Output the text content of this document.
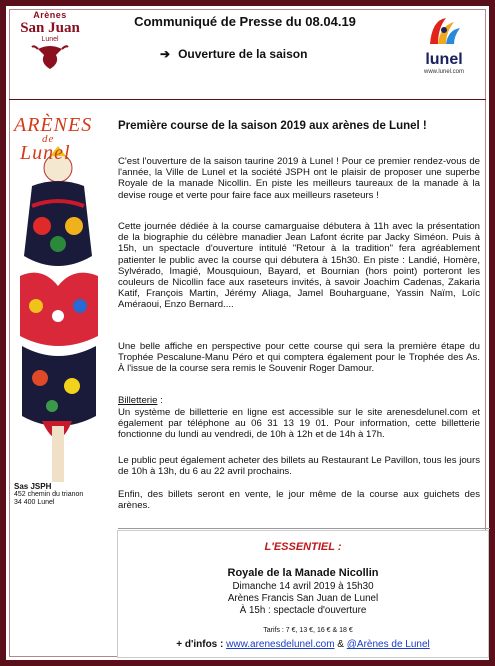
Arènes
San Juan
Lunel
Communiqué de Presse du 08.04.19
➔ Ouverture de la saison	lunel
www.lunel.com
ARÈNES
de
Lunel
Sas JSPH
452 chemin du trianon
34 400 Lunel
Première course de la saison 2019 aux arènes de Lunel !
C'est l'ouverture de la saison taurine 2019 à Lunel ! Pour ce premier rendez-vous de l'année, la Ville de Lunel et la société JSPH ont le plaisir de proposer une superbe Royale de la manade Nicollin. En piste les meilleurs taureaux de la manade à la devise rouge et verte pour faire face aux meilleurs raseteurs !
Cette journée dédiée à la course camarguaise débutera à 11h avec la présentation de la biographie du célèbre manadier Jean Lafont écrite par Jacky Siméon. Puis à 15h, un spectacle d'ouverture intitulé "Retour à la tradition" fera agréablement patienter le public avec la course qui débutera à 15h30. En piste : Landié, Homère, Sylvérado, Imagié, Mousquioun, Bayard, et Bournian (hors point) porteront les couleurs de Nicollin face aux raseteurs invités, à savoir Joachim Cadenas, Zakaria Katif, François Martin, Jérémy Aliaga, Jamel Bouharguane, Yassin Naïm, Loïc Améraoui, Enzo Bernard....
Une belle affiche en perspective pour cette course qui sera la première étape du Trophée Pescalune-Manu Péro et qui comptera également pour le Trophée des As. À l'issue de la course sera remis le Souvenir Roger Damour.
Billetterie :
Un système de billetterie en ligne est accessible sur le site arenesdelunel.com et également par téléphone au 06 31 13 19 01. Pour information, cette billetterie fonctionne du lundi au vendredi, de 10h à 12h et de 14h à 17h.
Le public peut également acheter des billets au Restaurant Le Pavillon, tous les jours de 10h à 13h, du 6 au 22 avril prochains.
Enfin, des billets seront en vente, le jour même de la course aux guichets des arènes.
L'ESSENTIEL :
Royale de la Manade Nicollin
Dimanche 14 avril 2019 à 15h30
Arènes Francis San Juan de Lunel
À 15h : spectacle d'ouverture
Tarifs : 7 €, 13 €, 16 € & 18 €
+ d'infos : www.arenesdelunel.com & @Arènes de Lunel
